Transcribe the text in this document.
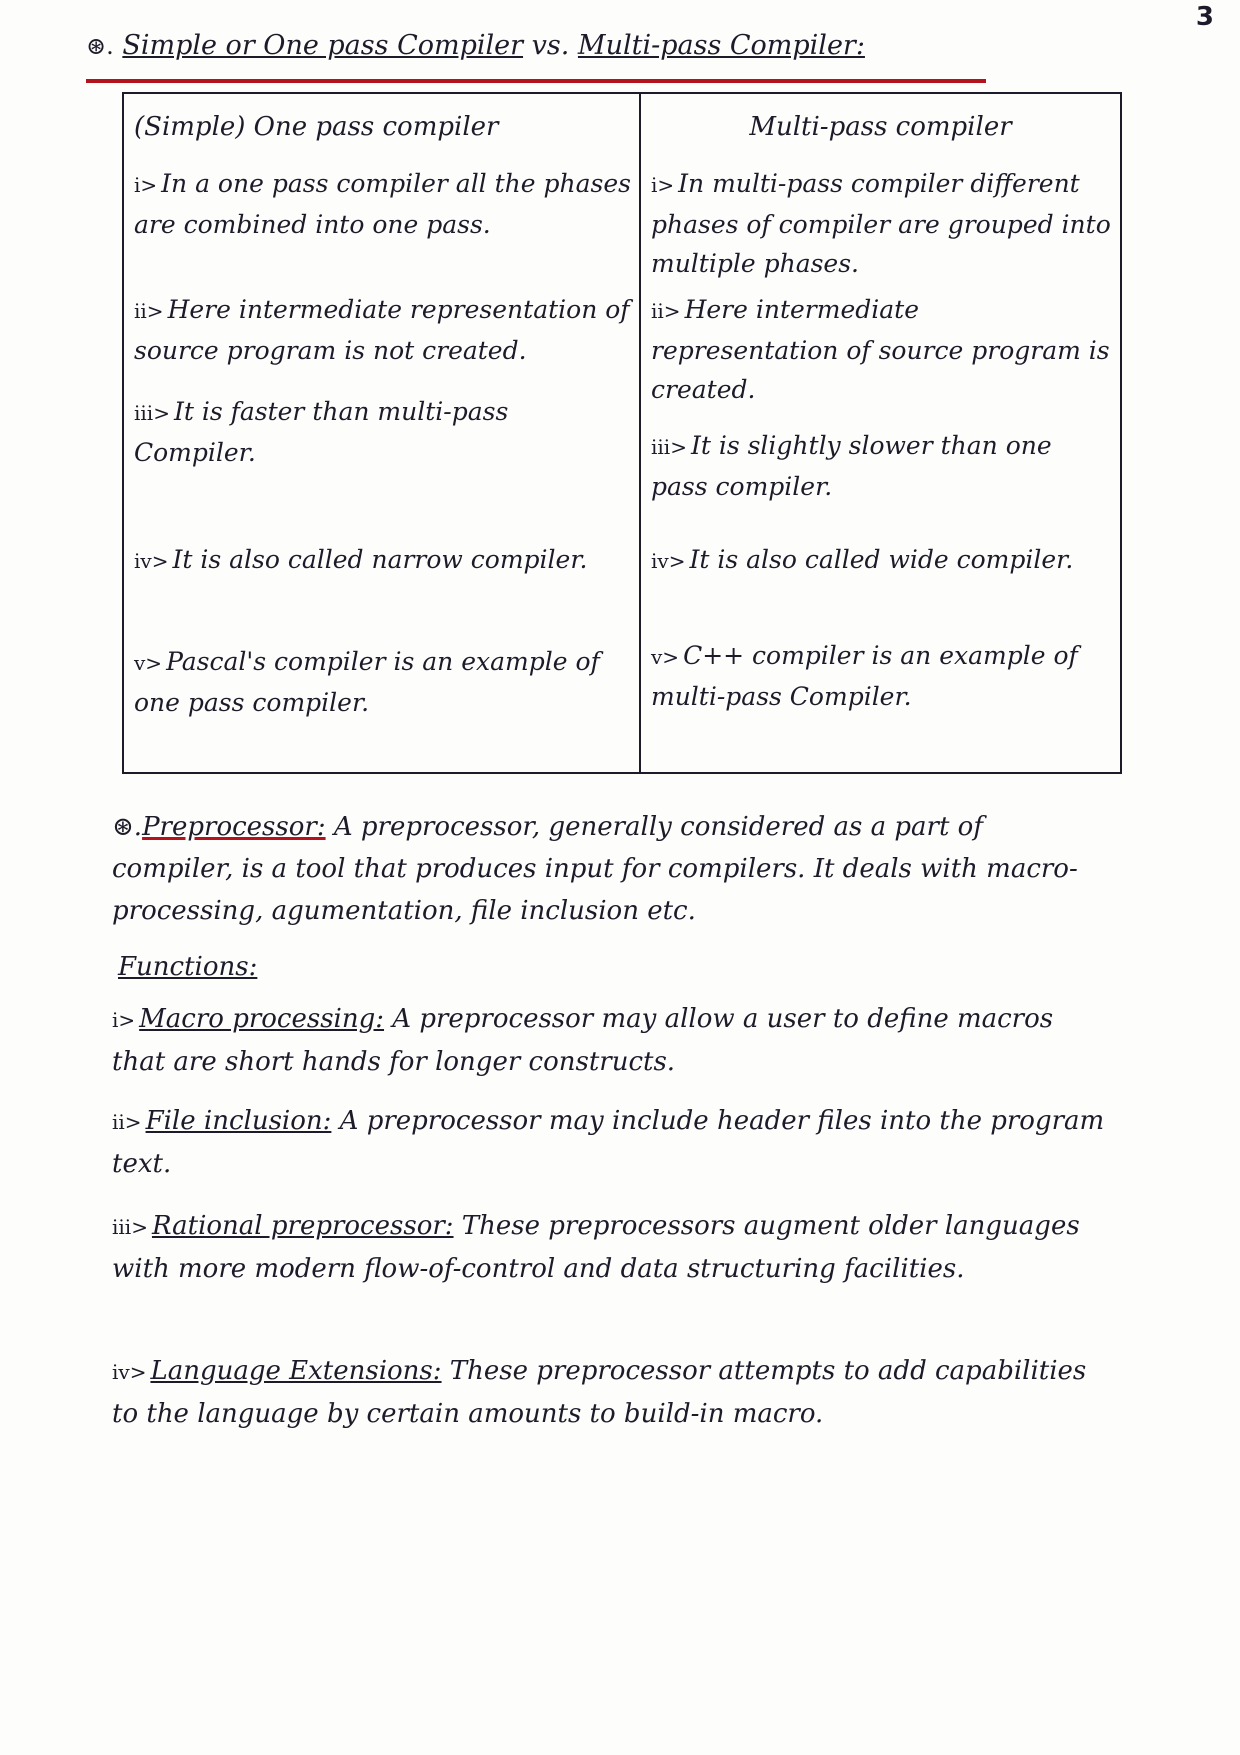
3
⊛. Simple or One pass Compiler vs. Multi-pass Compiler:
(Simple) One pass compiler
i> In a one pass compiler all the phases are combined into one pass.
ii> Here intermediate representation of source program is not created.
iii> It is faster than multi-pass Compiler.
iv> It is also called narrow compiler.
v> Pascal's compiler is an example of one pass compiler.
Multi-pass compiler
i> In multi-pass compiler different phases of compiler are grouped into multiple phases.
ii> Here intermediate representation of source program is created.
iii> It is slightly slower than one pass compiler.
iv> It is also called wide compiler.
v> C++ compiler is an example of multi-pass Compiler.
⊛.Preprocessor: A preprocessor, generally considered as a part of compiler, is a tool that produces input for compilers. It deals with macro-processing, agumentation, file inclusion etc.
Functions:
i> Macro processing: A preprocessor may allow a user to define macros that are short hands for longer constructs.
ii> File inclusion: A preprocessor may include header files into the program text.
iii> Rational preprocessor: These preprocessors augment older languages with more modern flow-of-control and data structuring facilities.
iv> Language Extensions: These preprocessor attempts to add capabilities to the language by certain amounts to build-in macro.
